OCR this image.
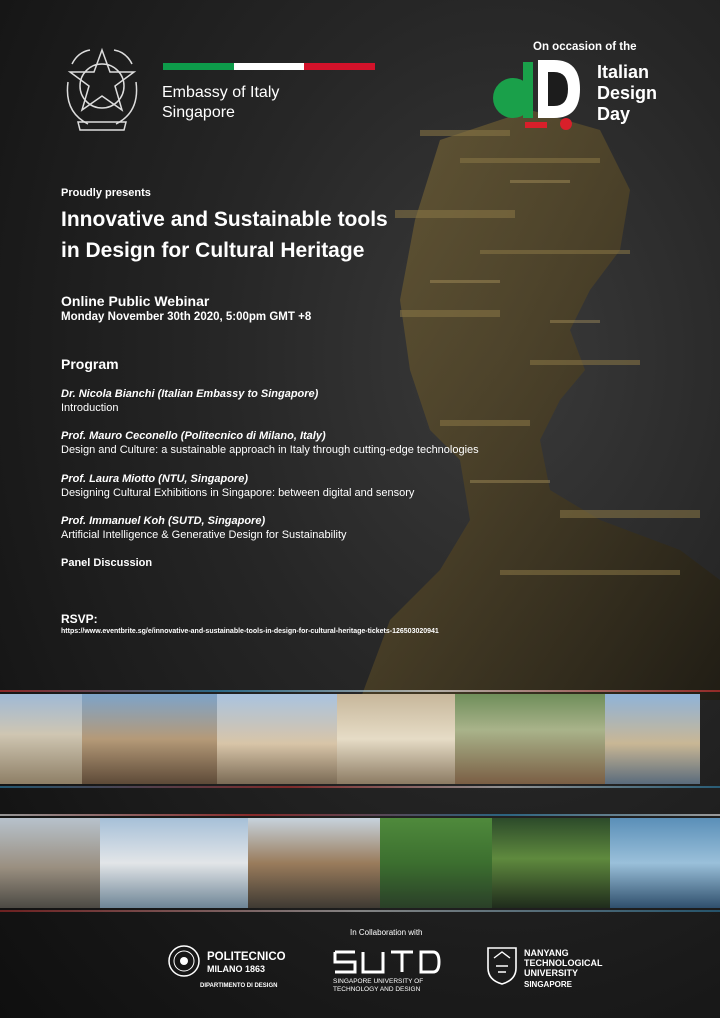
Embassy of Italy
Singapore
On occasion of the
Italian
Design
Day
Proudly presents
Innovative and Sustainable tools
in Design for Cultural Heritage
Online Public Webinar
Monday November 30th 2020, 5:00pm GMT +8
Program
Dr. Nicola Bianchi (Italian Embassy to Singapore)
Introduction
Prof. Mauro Ceconello (Politecnico di Milano, Italy)
Design and Culture: a sustainable approach in Italy through cutting-edge technologies
Prof. Laura Miotto (NTU, Singapore)
Designing Cultural Exhibitions in Singapore: between digital and sensory
Prof. Immanuel Koh (SUTD, Singapore)
Artificial Intelligence & Generative Design for Sustainability
Panel Discussion
RSVP:
https://www.eventbrite.sg/e/innovative-and-sustainable-tools-in-design-for-cultural-heritage-tickets-126503020941
In Collaboration with
POLITECNICO
MILANO 1863
DIPARTIMENTO DI DESIGN
SINGAPORE UNIVERSITY OF
TECHNOLOGY AND DESIGN
NANYANG
TECHNOLOGICAL
UNIVERSITY
SINGAPORE
